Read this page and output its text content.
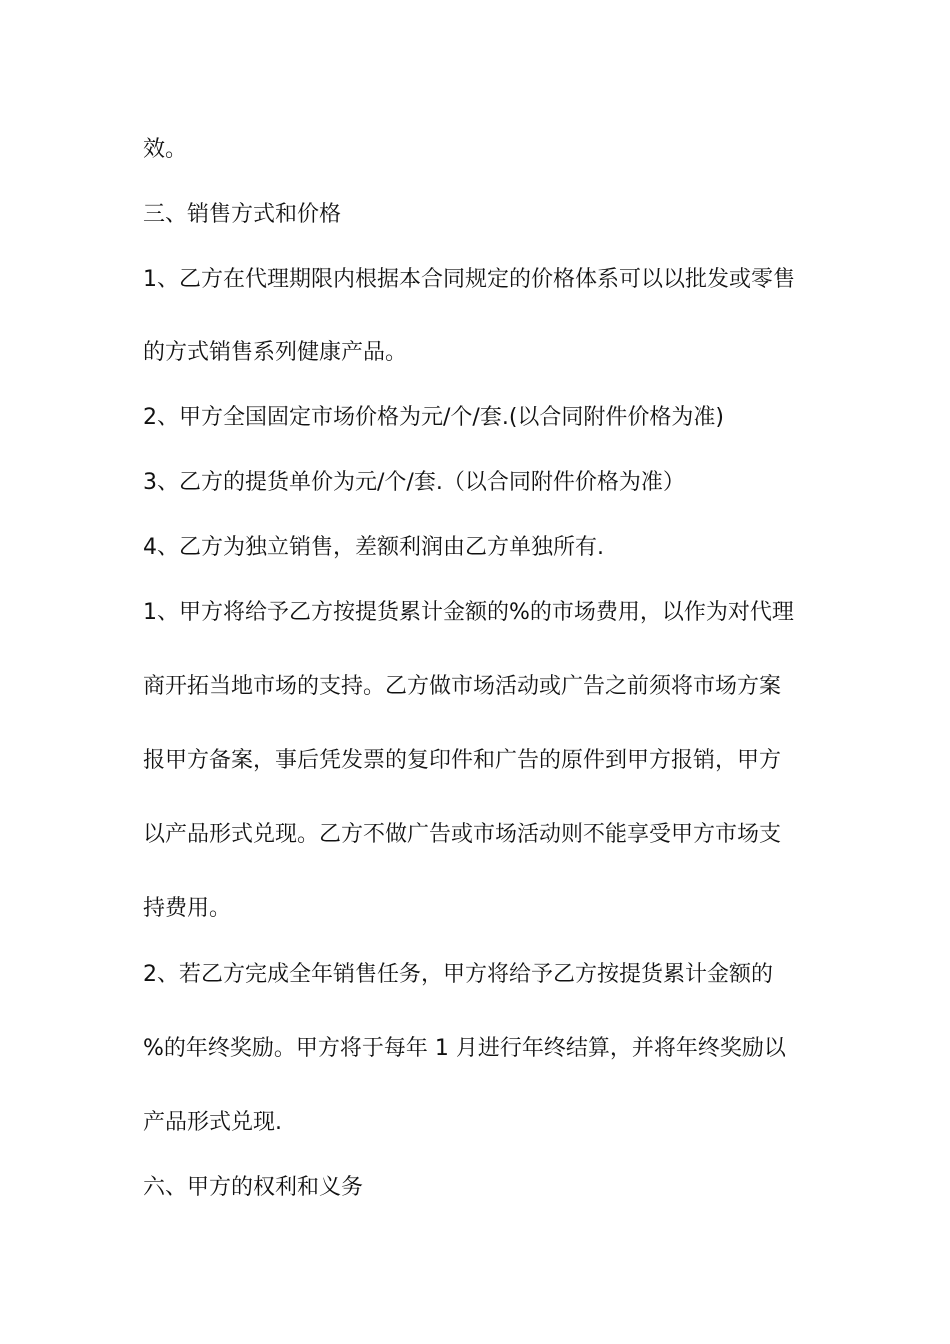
效。
三、销售方式和价格
1、乙方在代理期限内根据本合同规定的价格体系可以以批发或零售
的方式销售系列健康产品。
2、甲方全国固定市场价格为元/个/套.(以合同附件价格为准)
3、乙方的提货单价为元/个/套.（以合同附件价格为准）
4、乙方为独立销售，差额利润由乙方单独所有.
1、甲方将给予乙方按提货累计金额的%的市场费用，以作为对代理
商开拓当地市场的支持。乙方做市场活动或广告之前须将市场方案
报甲方备案，事后凭发票的复印件和广告的原件到甲方报销，甲方
以产品形式兑现。乙方不做广告或市场活动则不能享受甲方市场支
持费用。
2、若乙方完成全年销售任务，甲方将给予乙方按提货累计金额的
%的年终奖励。甲方将于每年 1 月进行年终结算，并将年终奖励以
产品形式兑现.
六、甲方的权利和义务
